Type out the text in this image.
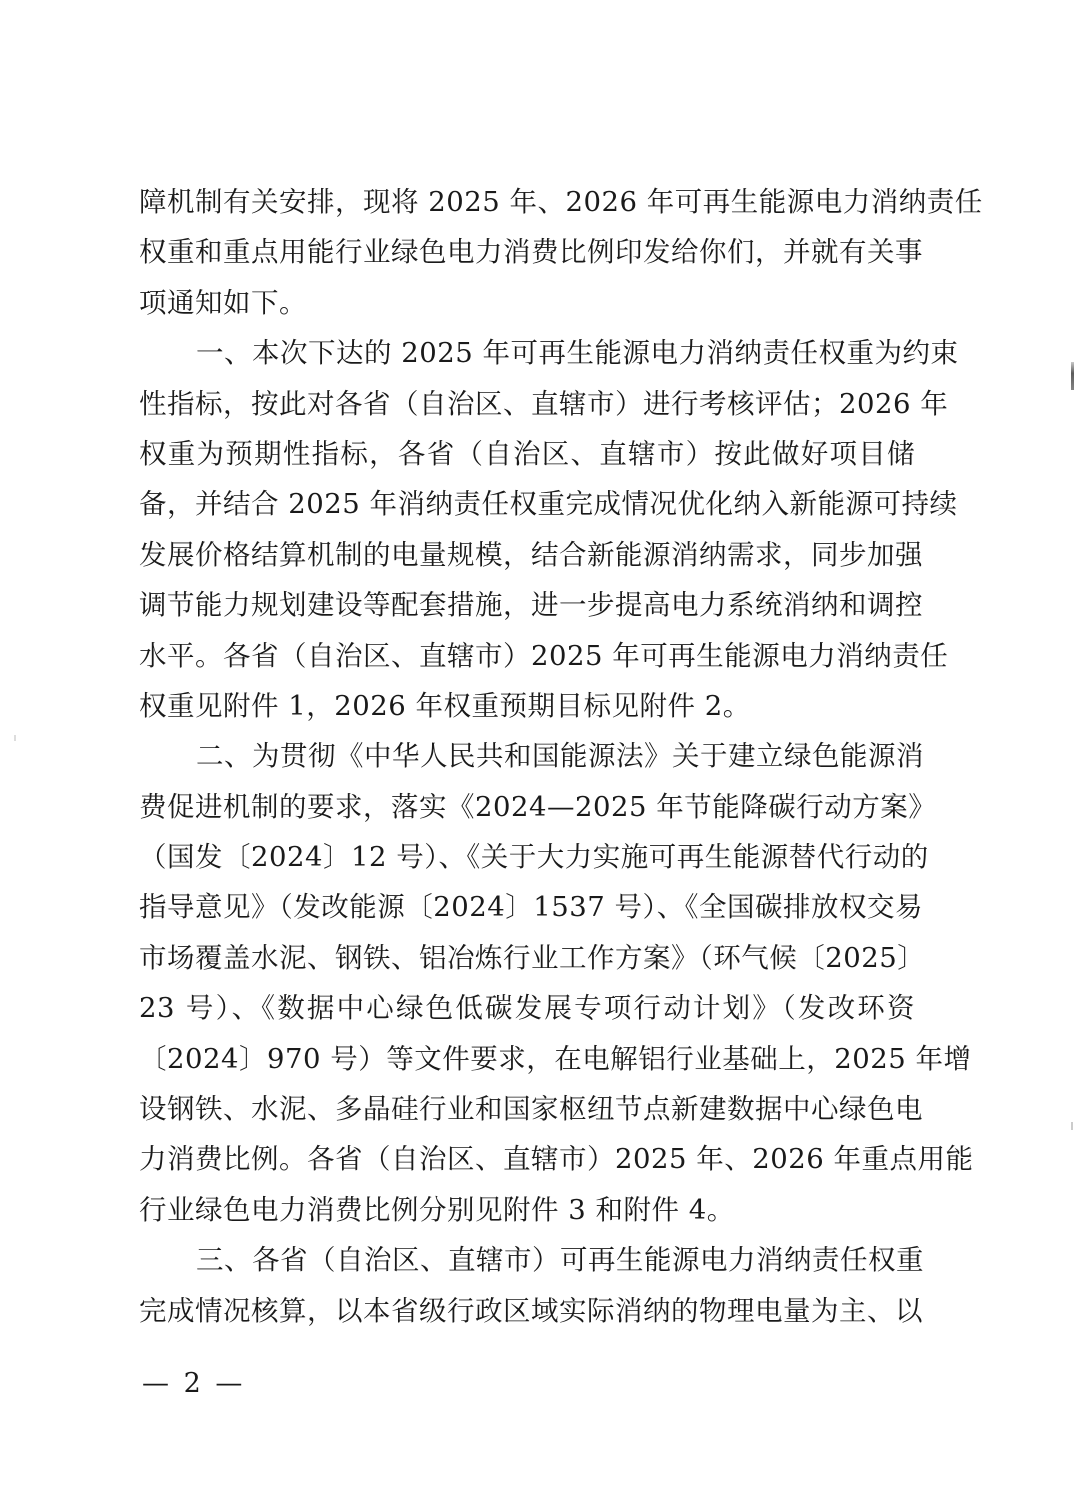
障机制有关安排，现将 2025 年、2026 年可再生能源电力消纳责任
权重和重点用能行业绿色电力消费比例印发给你们，并就有关事
项通知如下。
一、本次下达的 2025 年可再生能源电力消纳责任权重为约束
性指标，按此对各省（自治区、直辖市）进行考核评估；2026 年
权重为预期性指标，各省（自治区、直辖市）按此做好项目储
备，并结合 2025 年消纳责任权重完成情况优化纳入新能源可持续
发展价格结算机制的电量规模，结合新能源消纳需求，同步加强
调节能力规划建设等配套措施，进一步提高电力系统消纳和调控
水平。各省（自治区、直辖市）2025 年可再生能源电力消纳责任
权重见附件 1，2026 年权重预期目标见附件 2。
二、为贯彻《中华人民共和国能源法》关于建立绿色能源消
费促进机制的要求，落实《2024—2025 年节能降碳行动方案》
（国发〔2024〕12 号）、《关于大力实施可再生能源替代行动的
指导意见》（发改能源〔2024〕1537 号）、《全国碳排放权交易
市场覆盖水泥、钢铁、铝冶炼行业工作方案》（环气候〔2025〕
23 号）、《数据中心绿色低碳发展专项行动计划》（发改环资
〔2024〕970 号）等文件要求，在电解铝行业基础上，2025 年增
设钢铁、水泥、多晶硅行业和国家枢纽节点新建数据中心绿色电
力消费比例。各省（自治区、直辖市）2025 年、2026 年重点用能
行业绿色电力消费比例分别见附件 3 和附件 4。
三、各省（自治区、直辖市）可再生能源电力消纳责任权重
完成情况核算，以本省级行政区域实际消纳的物理电量为主、以
— 2 —
